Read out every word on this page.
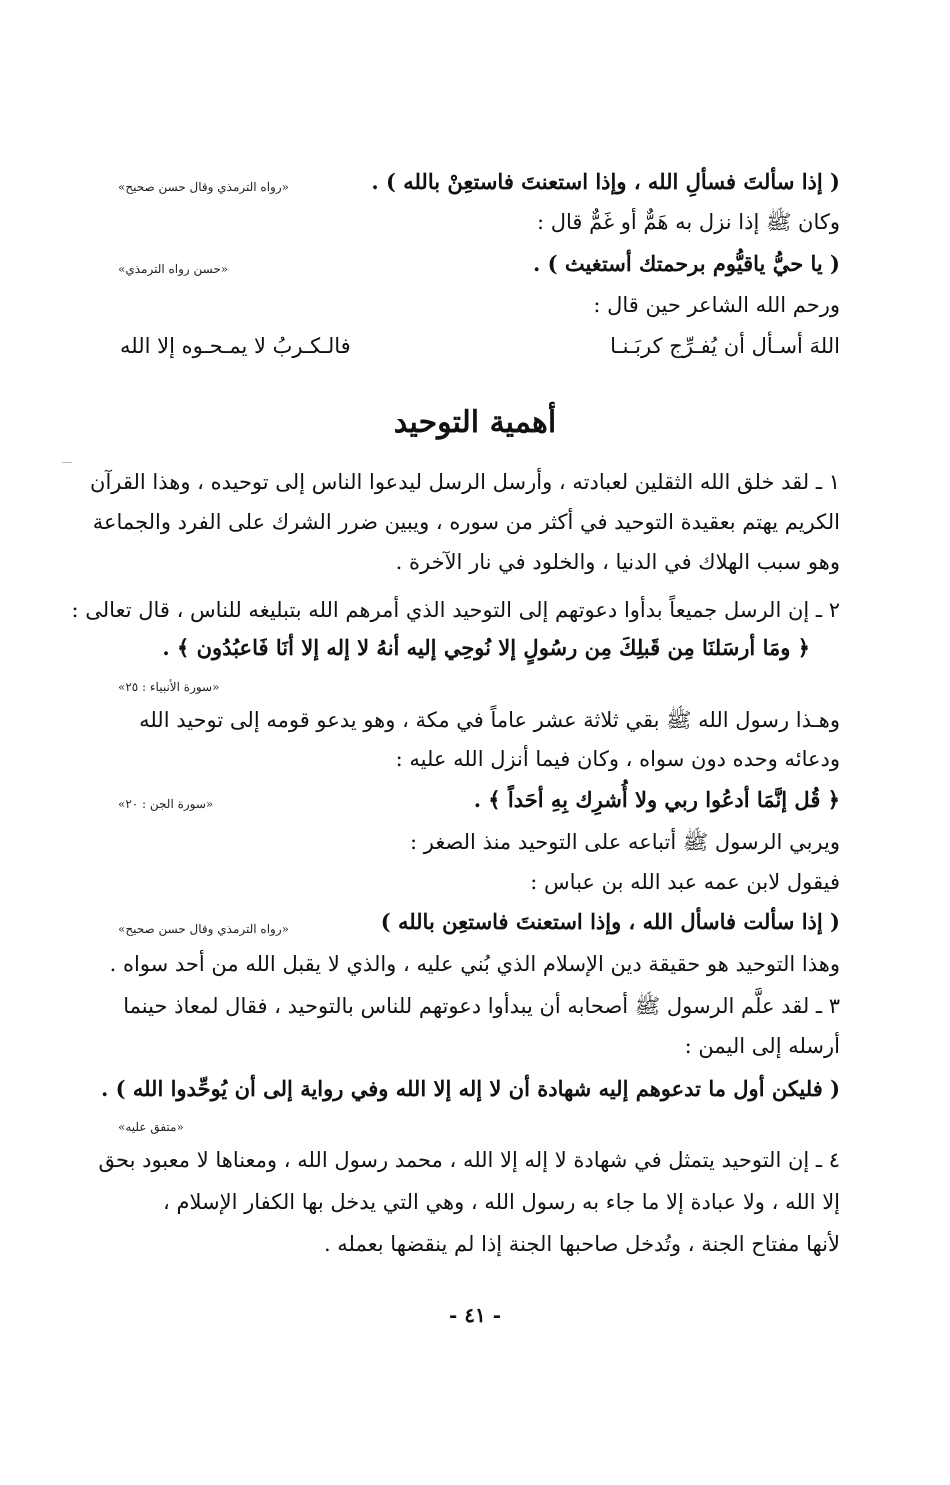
( إذا سألتَ فسألِ الله ، وإذا استعنتَ فاستعِنْ بالله ) .
«رواه الترمذي وقال حسن صحيح»
وكان ﷺ إذا نزل به هَمٌّ أو غَمٌّ قال :
( يا حيُّ ياقيُّوم برحمتك أستغيث ) .
«حسن رواه الترمذي»
ورحم الله الشاعر حين قال :
اللهَ أسـأل أن يُفـرِّج كربَـنـا
فالـكـربُ لا يمـحـوه إلا الله
أهمية التوحيد
١ ـ لقد خلق الله الثقلين لعبادته ، وأرسل الرسل ليدعوا الناس إلى توحيده ، وهذا القرآن
الكريم يهتم بعقيدة التوحيد في أكثر من سوره ، ويبين ضرر الشرك على الفرد والجماعة
وهو سبب الهلاك في الدنيا ، والخلود في نار الآخرة .
٢ ـ إن الرسل جميعاً بدأوا دعوتهم إلى التوحيد الذي أمرهم الله بتبليغه للناس ، قال تعالى :
﴿ ومَا أرسَلنَا مِن قَبلِكَ مِن رسُولٍ إلا نُوحِي إليه أنهُ لا إله إلا أنَا فَاعبُدُون ﴾ .
«سورة الأنبياء : ٢٥»
وهـذا رسول الله ﷺ بقي ثلاثة عشر عاماً في مكة ، وهو يدعو قومه إلى توحيد الله
ودعائه وحده دون سواه ، وكان فيما أنزل الله عليه :
﴿ قُل إنَّمَا أدعُوا ربي ولا أُشرِك بِهِ أحَداً ﴾ .
«سورة الجن : ٢٠»
ويربي الرسول ﷺ أتباعه على التوحيد منذ الصغر :
فيقول لابن عمه عبد الله بن عباس :
( إذا سألت فاسأل الله ، وإذا استعنتَ فاستعِن بالله )
«رواه الترمذي وقال حسن صحيح»
وهذا التوحيد هو حقيقة دين الإسلام الذي بُني عليه ، والذي لا يقبل الله من أحد سواه .
٣ ـ لقد علَّم الرسول ﷺ أصحابه أن يبدأوا دعوتهم للناس بالتوحيد ، فقال لمعاذ حينما
أرسله إلى اليمن :
( فليكن أول ما تدعوهم إليه شهادة أن لا إله إلا الله وفي رواية إلى أن يُوحِّدوا الله ) .
«متفق عليه»
٤ ـ إن التوحيد يتمثل في شهادة لا إله إلا الله ، محمد رسول الله ، ومعناها لا معبود بحق
إلا الله ، ولا عبادة إلا ما جاء به رسول الله ، وهي التي يدخل بها الكفار الإسلام ،
لأنها مفتاح الجنة ، وتُدخل صاحبها الجنة إذا لم ينقضها بعمله .
- ٤١ -
